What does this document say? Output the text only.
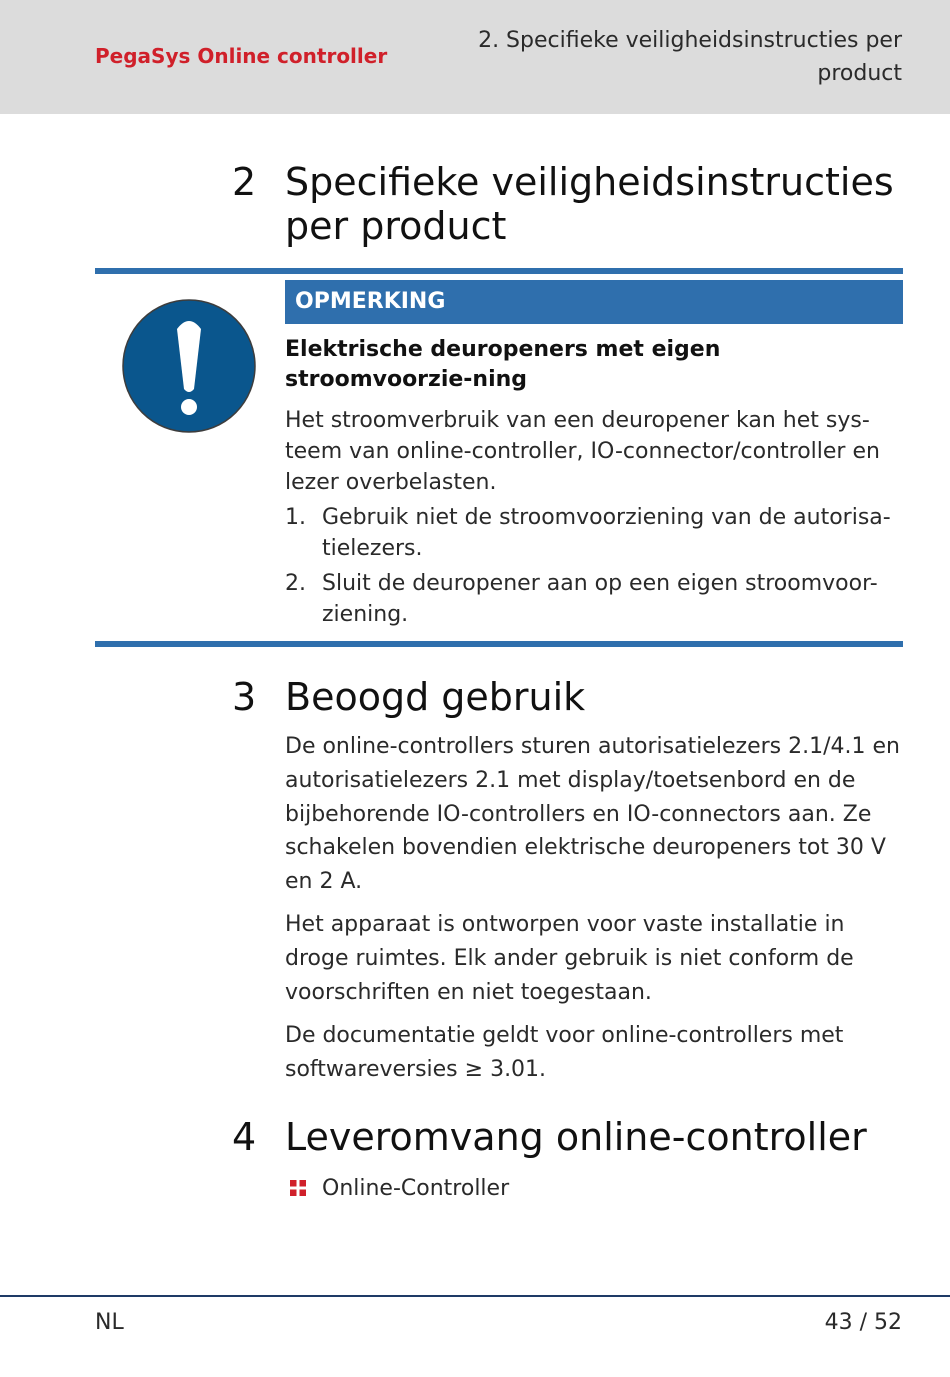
PegaSys Online controller
2. Specifieke veiligheidsinstructies per
product
2 Specifieke veiligheidsinstructies per product
OPMERKING
Elektrische deuropeners met eigen stroomvoorzie-ning

Het stroomverbruik van een deuropener kan het sys-teem van online-controller, IO-connector/controller en lezer overbelasten.

1. Gebruik niet de stroomvoorziening van de autorisa-tielezers.
2. Sluit de deuropener aan op een eigen stroomvoor-ziening.
3 Beoogd gebruik

De online-controllers sturen autorisatielezers 2.1/4.1 en autorisatielezers 2.1 met display/toetsenbord en de bijbehorende IO-controllers en IO-connectors aan. Ze schakelen bovendien elektrische deuropeners tot 30 V en 2 A.

Het apparaat is ontworpen voor vaste installatie in droge ruimtes. Elk ander gebruik is niet conform de voorschriften en niet toegestaan.

De documentatie geldt voor online-controllers met softwareversies ≥ 3.01.

4 Leveromvang online-controller
Online-Controller
NL	43 / 52
